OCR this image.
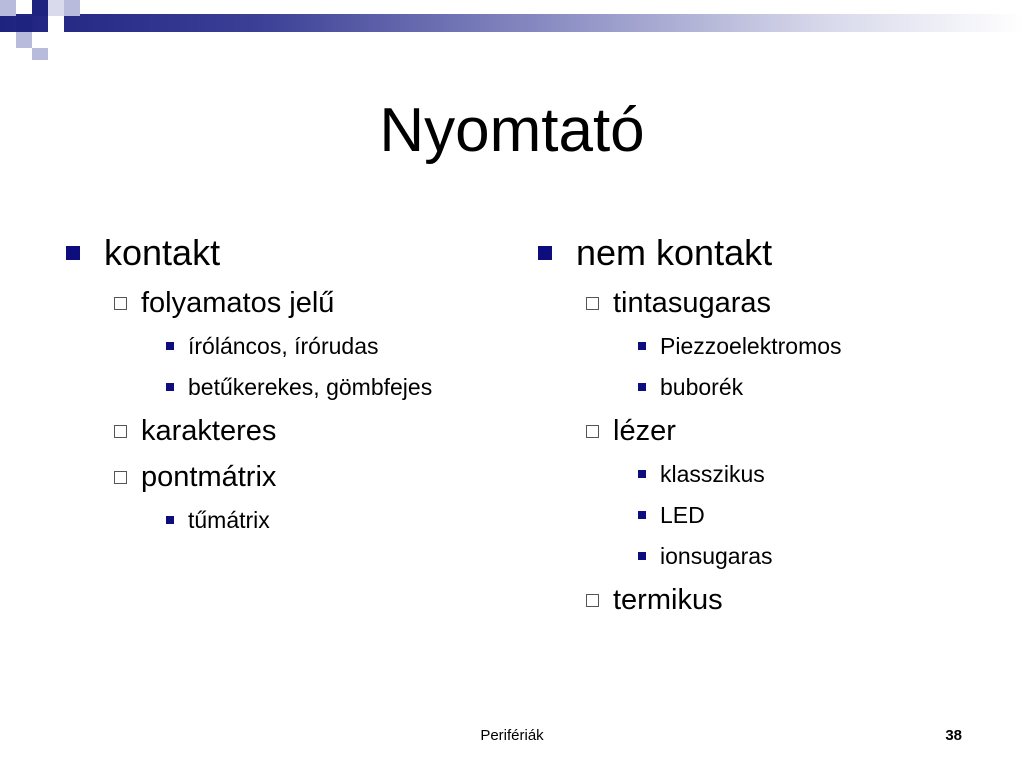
Nyomtató
kontakt
folyamatos jelű
íróláncos, írórudas
betűkerekes, gömbfejes
karakteres
pontmátrix
tűmátrix
nem kontakt
tintasugaras
Piezzoelektromos
buborék
lézer
klasszikus
LED
ionsugaras
termikus
Perifériák	38
